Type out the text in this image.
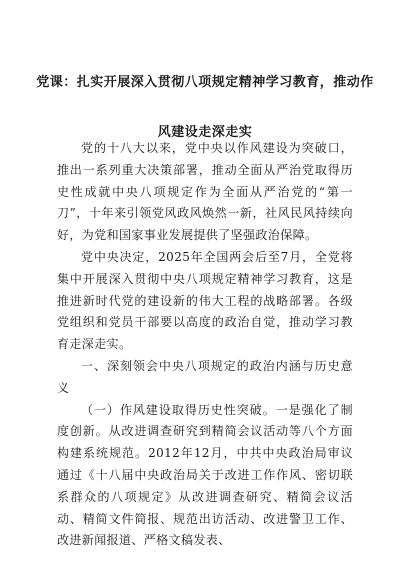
党课：扎实开展深入贯彻八项规定精神学习教育，推动作
风建设走深走实

党的十八大以来，党中央以作风建设为突破口，推出一系列重大决策部署，推动全面从严治党取得历史性成就中央八项规定作为全面从严治党的“第一刀”，十年来引领党风政风焕然一新，社风民风持续向好，为党和国家事业发展提供了坚强政治保障。

党中央决定，2025年全国两会后至7月，全党将集中开展深入贯彻中央八项规定精神学习教育，这是推进新时代党的建设新的伟大工程的战略部署。各级党组织和党员干部要以高度的政治自觉，推动学习教育走深走实。

一、深刻领会中央八项规定的政治内涵与历史意义

（一）作风建设取得历史性突破。一是强化了制度创新。从改进调查研究到精简会议活动等八个方面构建系统规范。2012年12月，中共中央政治局审议通过《十八届中央政治局关于改进工作作风、密切联系群众的八项规定》从改进调查研究、精简会议活动、精简文件简报、规范出访活动、改进警卫工作、改进新闻报道、严格文稿发表、
